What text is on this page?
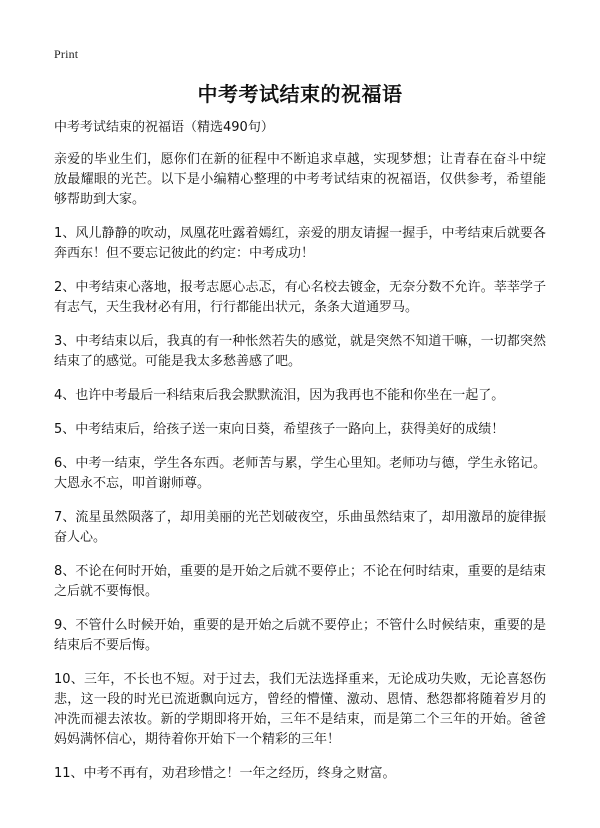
Print
中考考试结束的祝福语

中考考试结束的祝福语（精选490句）

亲爱的毕业生们，愿你们在新的征程中不断追求卓越，实现梦想；让青春在奋斗中绽放最耀眼的光芒。以下是小编精心整理的中考考试结束的祝福语，仅供参考，希望能够帮助到大家。

1、风儿静静的吹动，凤凰花吐露着嫣红，亲爱的朋友请握一握手，中考结束后就要各奔西东！但不要忘记彼此的约定：中考成功！

2、中考结束心落地，报考志愿心忐忑，有心名校去镀金，无奈分数不允许。莘莘学子有志气，天生我材必有用，行行都能出状元，条条大道通罗马。

3、中考结束以后，我真的有一种怅然若失的感觉，就是突然不知道干嘛，一切都突然结束了的感觉。可能是我太多愁善感了吧。

4、也许中考最后一科结束后我会默默流泪，因为我再也不能和你坐在一起了。

5、中考结束后，给孩子送一束向日葵，希望孩子一路向上，获得美好的成绩！

6、中考一结束，学生各东西。老师苦与累，学生心里知。老师功与德，学生永铭记。大恩永不忘，叩首谢师尊。

7、流星虽然陨落了，却用美丽的光芒划破夜空，乐曲虽然结束了，却用激昂的旋律振奋人心。

8、不论在何时开始，重要的是开始之后就不要停止；不论在何时结束，重要的是结束之后就不要悔恨。

9、不管什么时候开始，重要的是开始之后就不要停止；不管什么时候结束，重要的是结束后不要后悔。

10、三年，不长也不短。对于过去，我们无法选择重来，无论成功失败，无论喜怒伤悲，这一段的时光已流逝飘向远方，曾经的懵懂、激动、恩情、愁怨都将随着岁月的冲洗而褪去浓妆。新的学期即将开始，三年不是结束，而是第二个三年的开始。爸爸妈妈满怀信心，期待着你开始下一个精彩的三年！

11、中考不再有，劝君珍惜之！一年之经历，终身之财富。
